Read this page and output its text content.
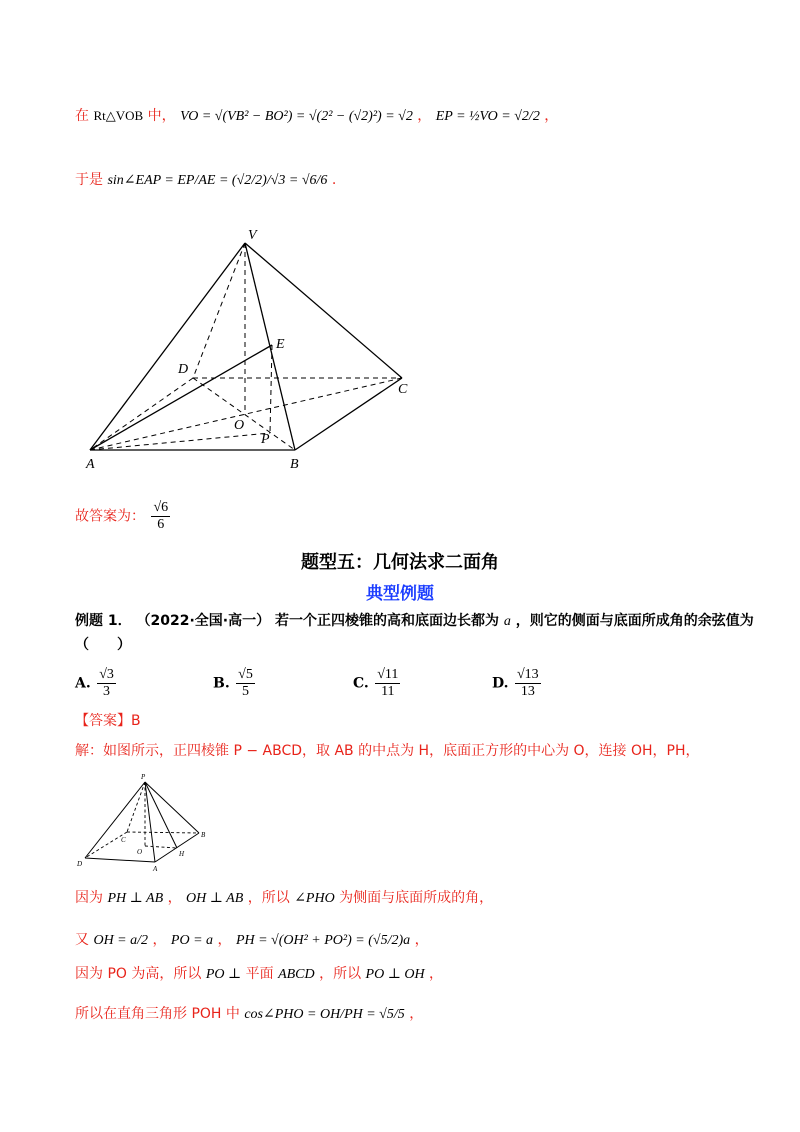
在 Rt△VOB 中， VO = √(VB² − BO²) = √(2² − (√2)²) = √2 ， EP = ½VO = √2/2 ，
于是 sin∠EAP = EP/AE = (√2/2)/√3 = √6/6 .
V
E
D
C
O
P
A	B
故答案为： $\frac{√6}{6}$
题型五：几何法求二面角
典型例题
例题 1． （2022·全国·高一） 若一个正四棱锥的高和底面边长都为 a ，则它的侧面与底面所成角的余弦值为
（　　）
A. $\frac{√3}{3}$	B. $\frac{√5}{5}$	C. $\frac{√11}{11}$	D. $\frac{√13}{13}$
【答案】B
解：如图所示，正四棱锥 P − ABCD，取 AB 的中点为 H，底面正方形的中心为 O，连接 OH，PH，
P
C
B
O	H
D
A
因为 PH ⊥ AB ， OH ⊥ AB ，所以 ∠PHO 为侧面与底面所成的角，
又 OH = a/2 ， PO = a ， PH = √(OH² + PO²) = (√5/2)a ，
因为 PO 为高，所以 PO ⊥ 平面 ABCD ，所以 PO ⊥ OH ，
所以在直角三角形 POH 中 cos∠PHO = OH/PH = √5/5 ，
